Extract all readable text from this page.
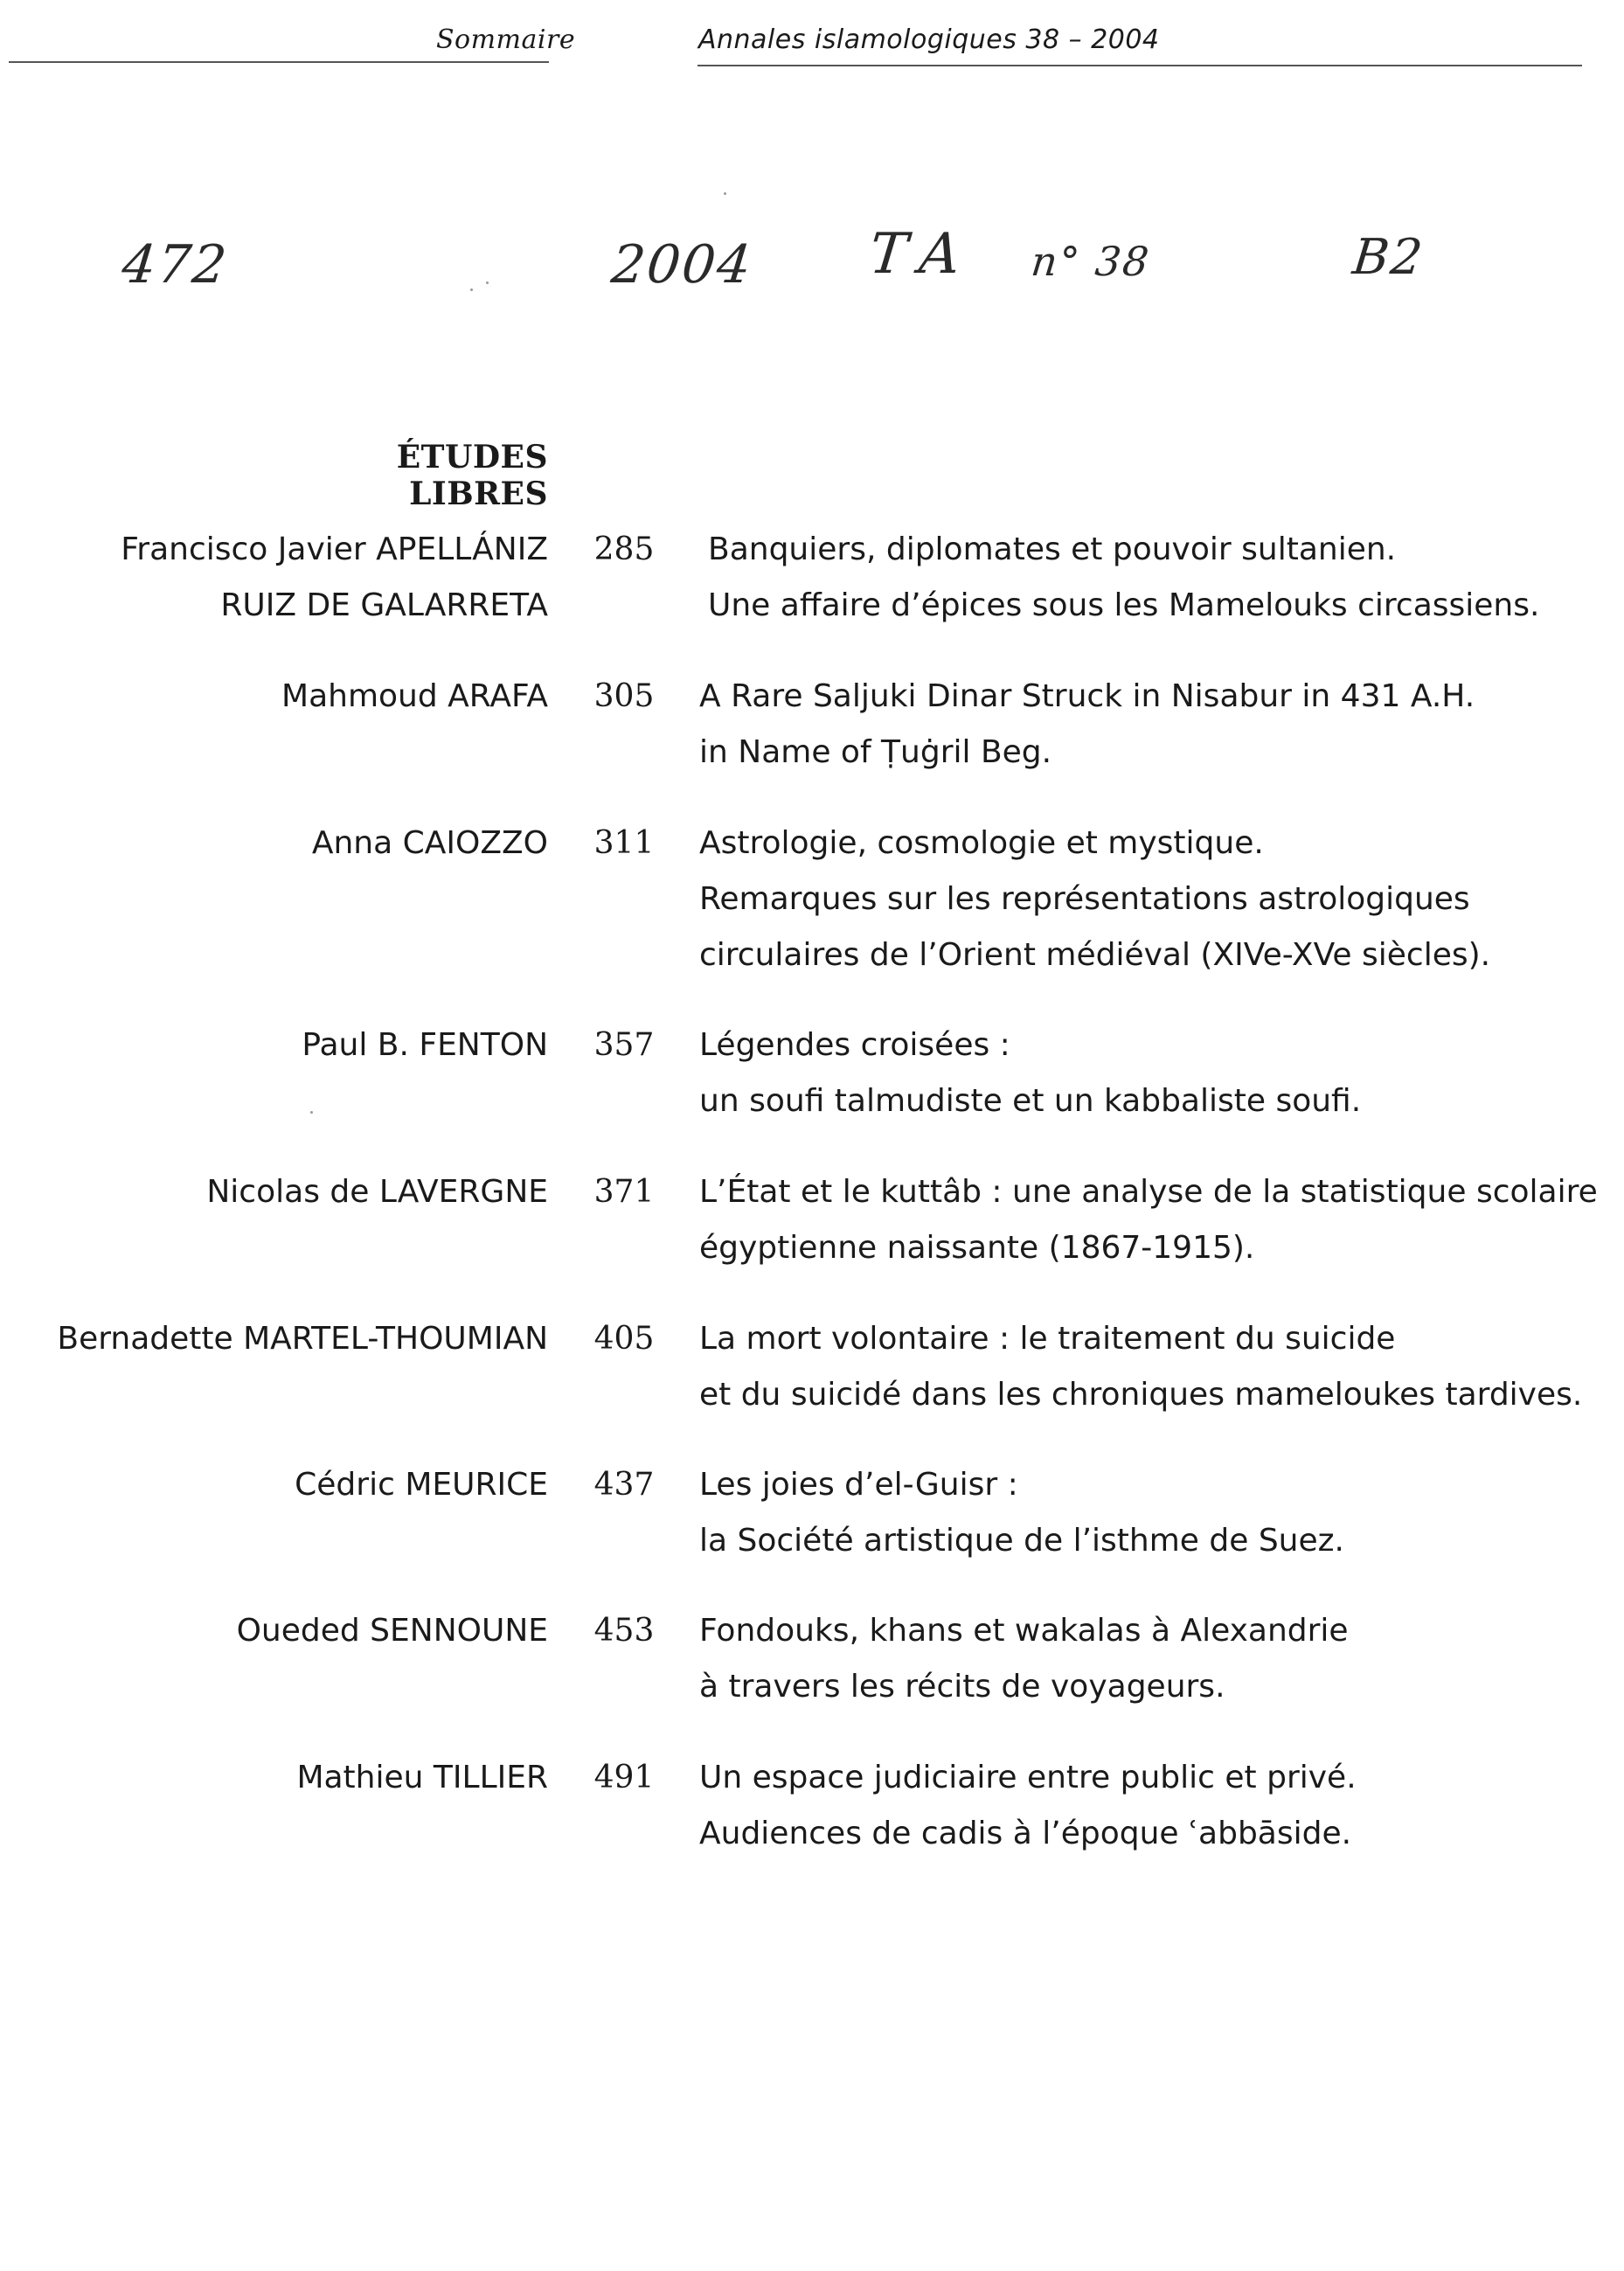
Sommaire	Annales islamologiques 38 – 2004
472	2004 TA n° 38	B2
ÉTUDES LIBRES
Francisco Javier APELLÁNIZ
RUIZ DE GALARRETA
285 Banquiers, diplomates et pouvoir sultanien.
Une affaire d’épices sous les Mamelouks circassiens.
Mahmoud ARAFA 305 A Rare Saljuki Dinar Struck in Nisabur in 431 A.H.
in Name of Ṭuġril Beg.
Anna CAIOZZO 311 Astrologie, cosmologie et mystique.
Remarques sur les représentations astrologiques
circulaires de l’Orient médiéval (XIVe-XVe siècles).
Paul B. FENTON 357 Légendes croisées :
un soufi talmudiste et un kabbaliste soufi.
Nicolas de LAVERGNE 371 L’État et le kuttâb : une analyse de la statistique scolaire
égyptienne naissante (1867-1915).
Bernadette MARTEL-THOUMIAN 405 La mort volontaire : le traitement du suicide
et du suicidé dans les chroniques mameloukes tardives.
Cédric MEURICE 437 Les joies d’el-Guisr :
la Société artistique de l’isthme de Suez.
Oueded SENNOUNE 453 Fondouks, khans et wakalas à Alexandrie
à travers les récits de voyageurs.
Mathieu TILLIER 491 Un espace judiciaire entre public et privé.
Audiences de cadis à l’époque ʿabbāside.
